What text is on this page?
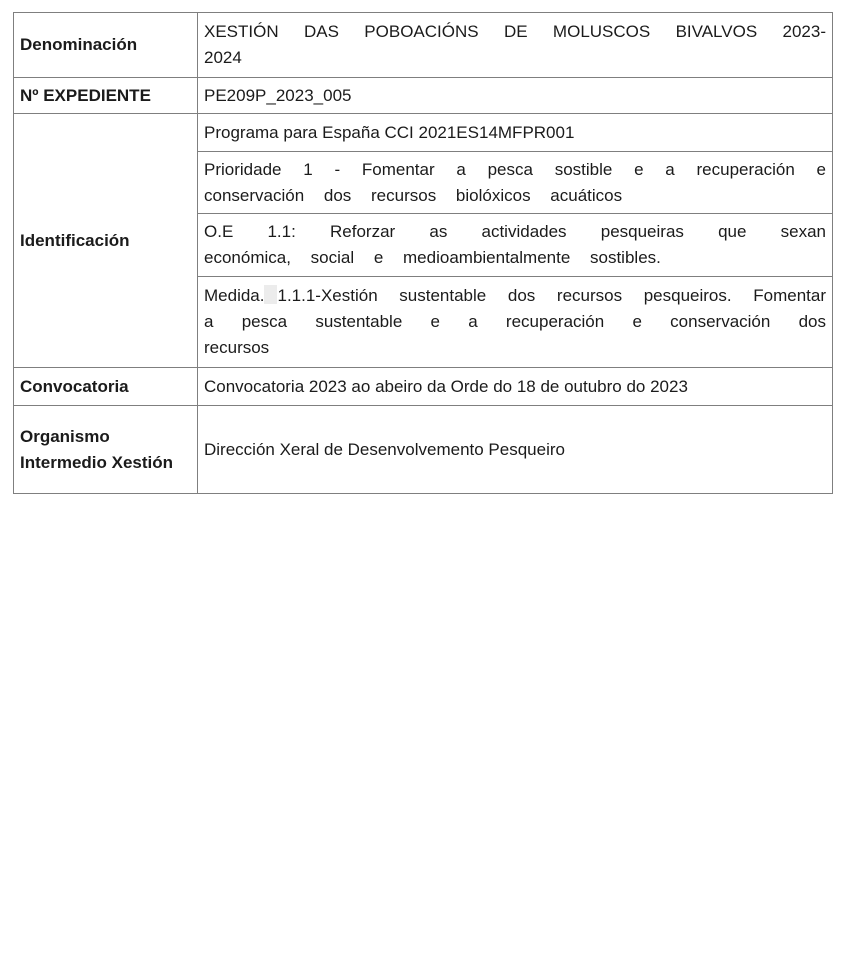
Denominación	XESTIÓN DAS POBOACIÓNS DE MOLUSCOS BIVALVOS 2023-2024
Nº EXPEDIENTE	PE209P_2023_005
Identificación	Programa para España CCI 2021ES14MFPR001
	Prioridade 1 - Fomentar a pesca sostible e a recuperación e conservación dos recursos biolóxicos acuáticos
	O.E 1.1: Reforzar as actividades pesqueiras que sexan económica, social e medioambientalmente sostibles.
	Medida. 1.1.1-Xestión sustentable dos recursos pesqueiros. Fomentar a pesca sustentable e a recuperación e conservación dos recursos
Convocatoria	Convocatoria 2023 ao abeiro da Orde do 18 de outubro do 2023
Organismo Intermedio Xestión	Dirección Xeral de Desenvolvemento Pesqueiro
